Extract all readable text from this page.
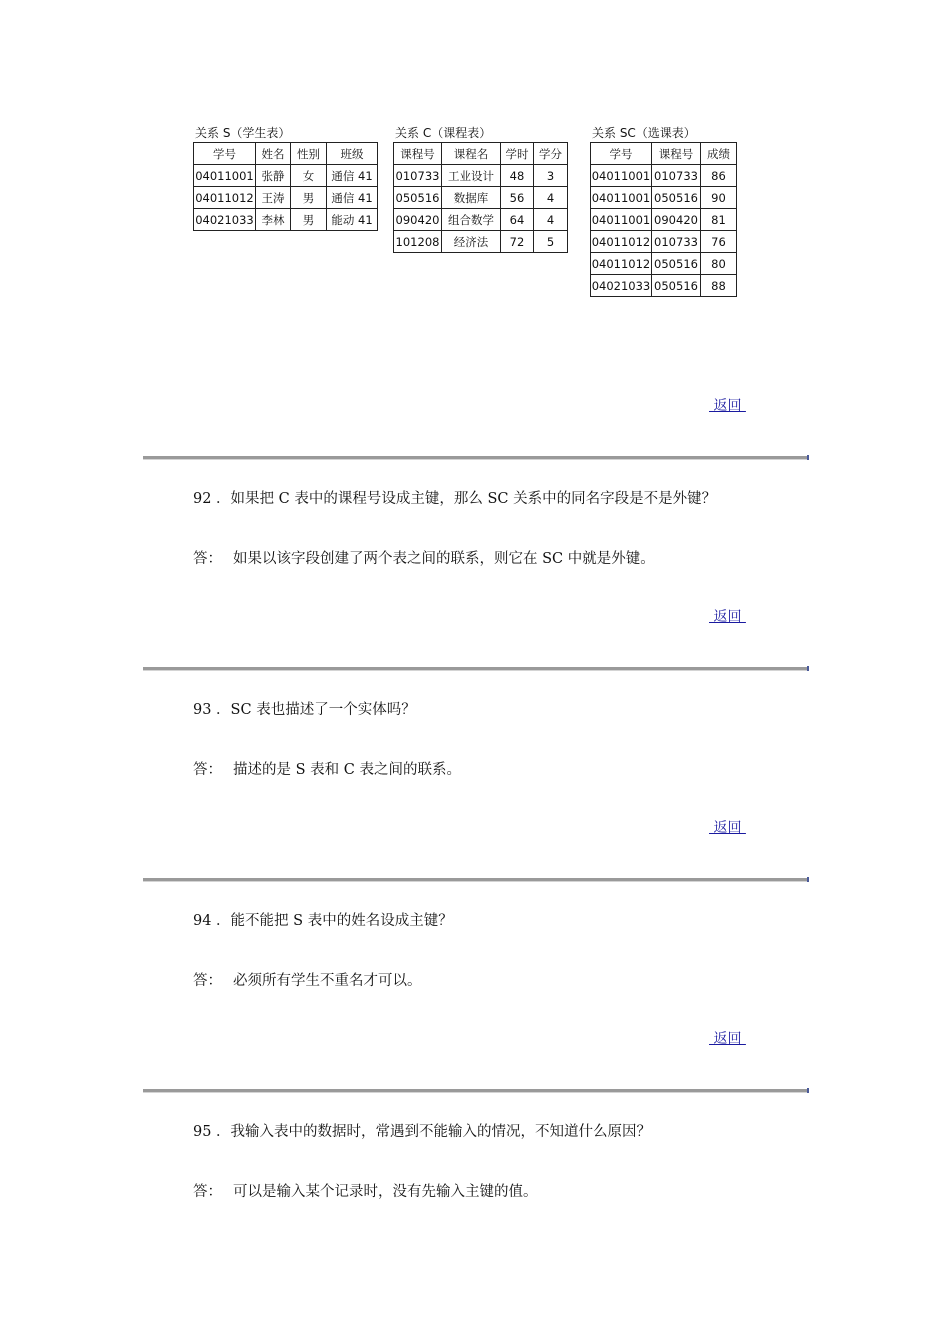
关系 S（学生表）
学号	姓名	性别	班级
04011001	张静	女	通信 41
04011012	王涛	男	通信 41
04021033	李林	男	能动 41
关系 C（课程表）
课程号	课程名	学时	学分
010733	工业设计	48	3
050516	数据库	56	4
090420	组合数学	64	4
101208	经济法	72	5
关系 SC（选课表）
学号	课程号	成绩
04011001	010733	86
04011001	050516	90
04011001	090420	81
04011012	010733	76
04011012	050516	80
04021033	050516	88
返回
92 ．如果把 C 表中的课程号设成主键，那么 SC 关系中的同名字段是不是外键？
答： 如果以该字段创建了两个表之间的联系，则它在 SC 中就是外键。
返回
93 ．SC 表也描述了一个实体吗？
答： 描述的是 S 表和 C 表之间的联系。
返回
94 ．能不能把 S 表中的姓名设成主键？
答： 必须所有学生不重名才可以。
返回
95 ．我输入表中的数据时，常遇到不能输入的情况，不知道什么原因？
答： 可以是输入某个记录时，没有先输入主键的值。
